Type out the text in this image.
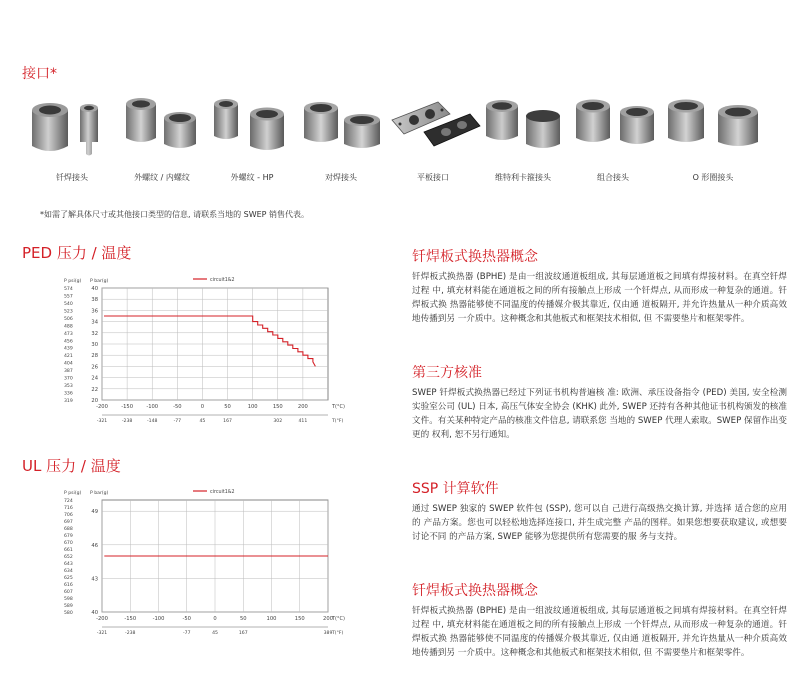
接口*
钎焊接头	外螺纹 / 内螺纹	外螺纹 - HP	对焊接头	平板接口	维特利卡箍接头	组合接头	O 形圈接头
*如需了解具体尺寸或其他接口类型的信息, 请联系当地的 SWEP 销售代表。
PED 压力 / 温度
-200	-150	-100	-50	0	50	100	150	200
20
22
24
26
28
30
32
34
36
38
40
574
557
540
523
506
488
473
456
439
421
404
387
370
353
336
319
-321	-238	-148	-77	45	167	302	411
P psi(g) P bar(g)
T(°C)
T(°F)
circuit1&2
UL 压力 / 温度
-200	-150	-100	-50	0	50	100	150	200
40
43
46
49
724
716
706
697
688
679
670
661
652
643
634
625
616
607
598
589
580
-321	-238	-77	45	167	389
P psi(g) P bar(g)
T(°C)
T(°F)
circuit1&2
钎焊板式换热器概念
钎焊板式换热器 (BPHE) 是由一组波纹通道板组成, 其每层通道板之间填有焊接材料。在真空钎焊过程 中, 填充材料能在通道板之间的所有接触点上形成 一个钎焊点, 从而形成一种复杂的通道。钎焊板式换 热器能够使不同温度的传播媒介极其靠近, 仅由通 道板隔开, 并允许热量从一种介质高效地传播到另 一介质中。这种概念和其他板式和框架技术相似, 但 不需要垫片和框架零件。
第三方核准
SWEP 钎焊板式换热器已经过下列证书机构普遍核 准: 欧洲、承压设备指令 (PED) 美国, 安全检测实验室公司 (UL) 日本, 高压气体安全协会 (KHK) 此外, SWEP 还持有各种其他证书机构颁发的核准 文件。有关某种特定产品的核准文件信息, 请联系您 当地的 SWEP 代理人索取。SWEP 保留作出变更的 权利, 恕不另行通知。
SSP 计算软件
通过 SWEP 独家的 SWEP 软件包 (SSP), 您可以自 己进行高级热交换计算, 并选择 适合您的应用的 产品方案。您也可以轻松地选择连接口, 并生成完整 产品的图样。如果您想要获取建议, 或想要讨论不同 的产品方案, SWEP 能够为您提供所有您需要的服 务与支持。
钎焊板式换热器概念
钎焊板式换热器 (BPHE) 是由一组波纹通道板组成, 其每层通道板之间填有焊接材料。在真空钎焊过程 中, 填充材料能在通道板之间的所有接触点上形成 一个钎焊点, 从而形成一种复杂的通道。钎焊板式换 热器能够使不同温度的传播媒介极其靠近, 仅由通 道板隔开, 并允许热量从一种介质高效地传播到另 一介质中。这种概念和其他板式和框架技术相似, 但 不需要垫片和框架零件。
